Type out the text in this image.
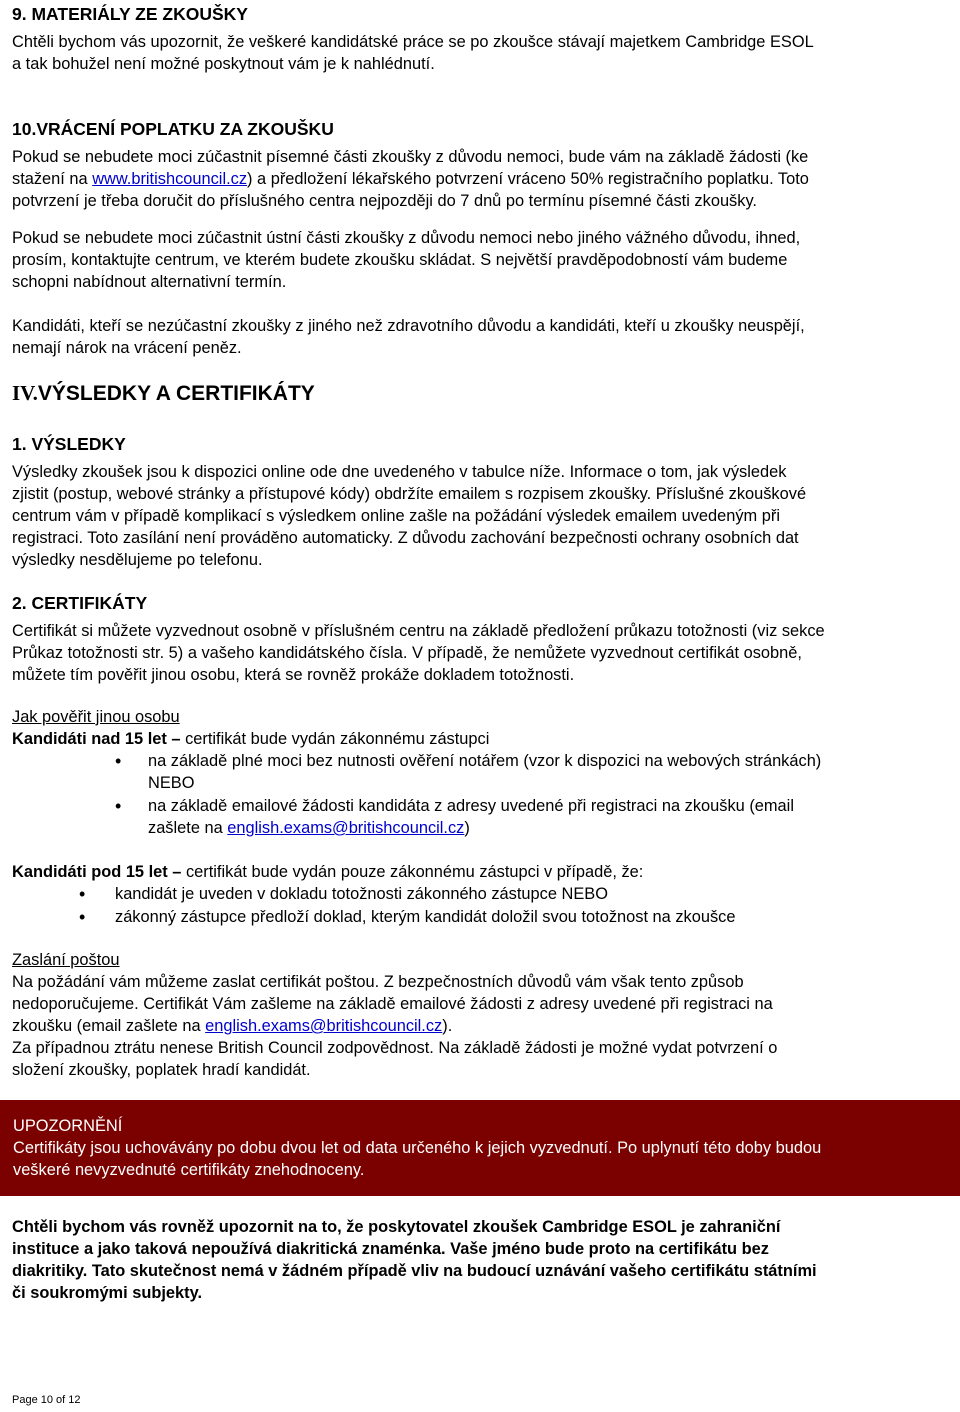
9. MATERIÁLY ZE ZKOUŠKY
Chtěli bychom vás upozornit, že veškeré kandidátské práce se po zkoušce stávají majetkem Cambridge ESOL
a tak bohužel není možné poskytnout vám je k nahlédnutí.
10.VRÁCENÍ POPLATKU ZA ZKOUŠKU
Pokud se nebudete moci zúčastnit písemné části zkoušky z důvodu nemoci, bude vám na základě žádosti (ke
stažení na www.britishcouncil.cz) a předložení lékařského potvrzení vráceno 50% registračního poplatku. Toto
potvrzení je třeba doručit do příslušného centra nejpozději do 7 dnů po termínu písemné části zkoušky.
Pokud se nebudete moci zúčastnit ústní části zkoušky z důvodu nemoci nebo jiného vážného důvodu, ihned,
prosím, kontaktujte centrum, ve kterém budete zkoušku skládat. S největší pravděpodobností vám budeme
schopni nabídnout alternativní termín.
Kandidáti, kteří se nezúčastní zkoušky z jiného než zdravotního důvodu a kandidáti, kteří u zkoušky neuspějí,
nemají nárok na vrácení peněz.
IV.VÝSLEDKY A CERTIFIKÁTY
1. VÝSLEDKY
Výsledky zkoušek jsou k dispozici online ode dne uvedeného v tabulce níže. Informace o tom, jak výsledek
zjistit (postup, webové stránky a přístupové kódy) obdržíte emailem s rozpisem zkoušky. Příslušné zkouškové
centrum vám v případě komplikací s výsledkem online zašle na požádání výsledek emailem uvedeným při
registraci. Toto zasílání není prováděno automaticky. Z důvodu zachování bezpečnosti ochrany osobních dat
výsledky nesdělujeme po telefonu.
2. CERTIFIKÁTY
Certifikát si můžete vyzvednout osobně v příslušném centru na základě předložení průkazu totožnosti (viz sekce
Průkaz totožnosti str. 5) a vašeho kandidátského čísla. V případě, že nemůžete vyzvednout certifikát osobně,
můžete tím pověřit jinou osobu, která se rovněž prokáže dokladem totožnosti.
Jak pověřit jinou osobu
Kandidáti nad 15 let – certifikát bude vydán zákonnému zástupci
• na základě plné moci bez nutnosti ověření notářem (vzor k dispozici na webových stránkách)
NEBO
• na základě emailové žádosti kandidáta z adresy uvedené při registraci na zkoušku (email
zašlete na english.exams@britishcouncil.cz)
Kandidáti pod 15 let – certifikát bude vydán pouze zákonnému zástupci v případě, že:
• kandidát je uveden v dokladu totožnosti zákonného zástupce NEBO
• zákonný zástupce předloží doklad, kterým kandidát doložil svou totožnost na zkoušce
Zaslání poštou
Na požádání vám můžeme zaslat certifikát poštou. Z bezpečnostních důvodů vám však tento způsob
nedoporučujeme. Certifikát Vám zašleme na základě emailové žádosti z adresy uvedené při registraci na
zkoušku (email zašlete na english.exams@britishcouncil.cz).
Za případnou ztrátu nenese British Council zodpovědnost. Na základě žádosti je možné vydat potvrzení o
složení zkoušky, poplatek hradí kandidát.
UPOZORNĚNÍ
Certifikáty jsou uchovávány po dobu dvou let od data určeného k jejich vyzvednutí. Po uplynutí této doby budou
veškeré nevyzvednuté certifikáty znehodnoceny.
Chtěli bychom vás rovněž upozornit na to, že poskytovatel zkoušek Cambridge ESOL je zahraniční
instituce a jako taková nepoužívá diakritická znaménka. Vaše jméno bude proto na certifikátu bez
diakritiky. Tato skutečnost nemá v žádném případě vliv na budoucí uznávání vašeho certifikátu státními
či soukromými subjekty.
Page 10 of 12
